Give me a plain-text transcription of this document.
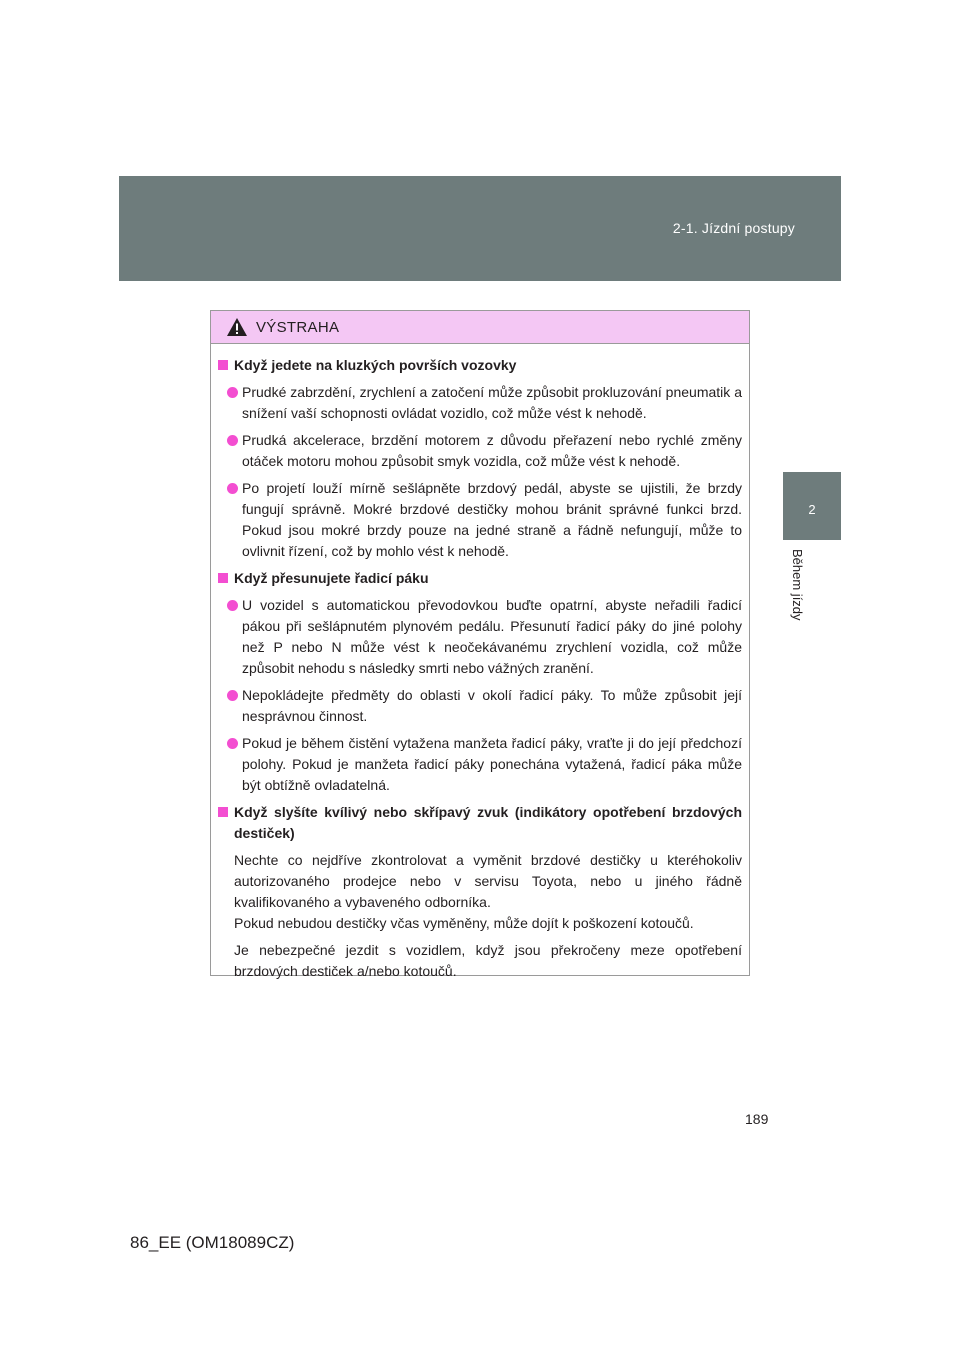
2-1. Jízdní postupy
2
Během jízdy
VÝSTRAHA
Když jedete na kluzkých površích vozovky
Prudké zabrzdění, zrychlení a zatočení může způsobit prokluzování pneumatik a snížení vaší schopnosti ovládat vozidlo, což může vést k nehodě.
Prudká akcelerace, brzdění motorem z důvodu přeřazení nebo rychlé změny otáček motoru mohou způsobit smyk vozidla, což může vést k nehodě.
Po projetí louží mírně sešlápněte brzdový pedál, abyste se ujistili, že brzdy fungují správně. Mokré brzdové destičky mohou bránit správné funkci brzd. Pokud jsou mokré brzdy pouze na jedné straně a řádně nefungují, může to ovlivnit řízení, což by mohlo vést k nehodě.
Když přesunujete řadicí páku
U vozidel s automatickou převodovkou buďte opatrní, abyste neřadili řadicí pákou při sešlápnutém plynovém pedálu. Přesunutí řadicí páky do jiné polohy než P nebo N může vést k neočekávanému zrychlení vozidla, což může způsobit nehodu s následky smrti nebo vážných zranění.
Nepokládejte předměty do oblasti v okolí řadicí páky. To může způsobit její nesprávnou činnost.
Pokud je během čistění vytažena manžeta řadicí páky, vraťte ji do její předchozí polohy. Pokud je manžeta řadicí páky ponechána vytažená, řadicí páka může být obtížně ovladatelná.
Když slyšíte kvílivý nebo skřípavý zvuk (indikátory opotřebení brzdových destiček)
Nechte co nejdříve zkontrolovat a vyměnit brzdové destičky u kteréhokoliv autorizovaného prodejce nebo v servisu Toyota, nebo u jiného řádně kvalifikovaného a vybaveného odborníka.
Pokud nebudou destičky včas vyměněny, může dojít k poškození kotoučů.
Je nebezpečné jezdit s vozidlem, když jsou překročeny meze opotřebení brzdových destiček a/nebo kotoučů.
189
86_EE (OM18089CZ)
